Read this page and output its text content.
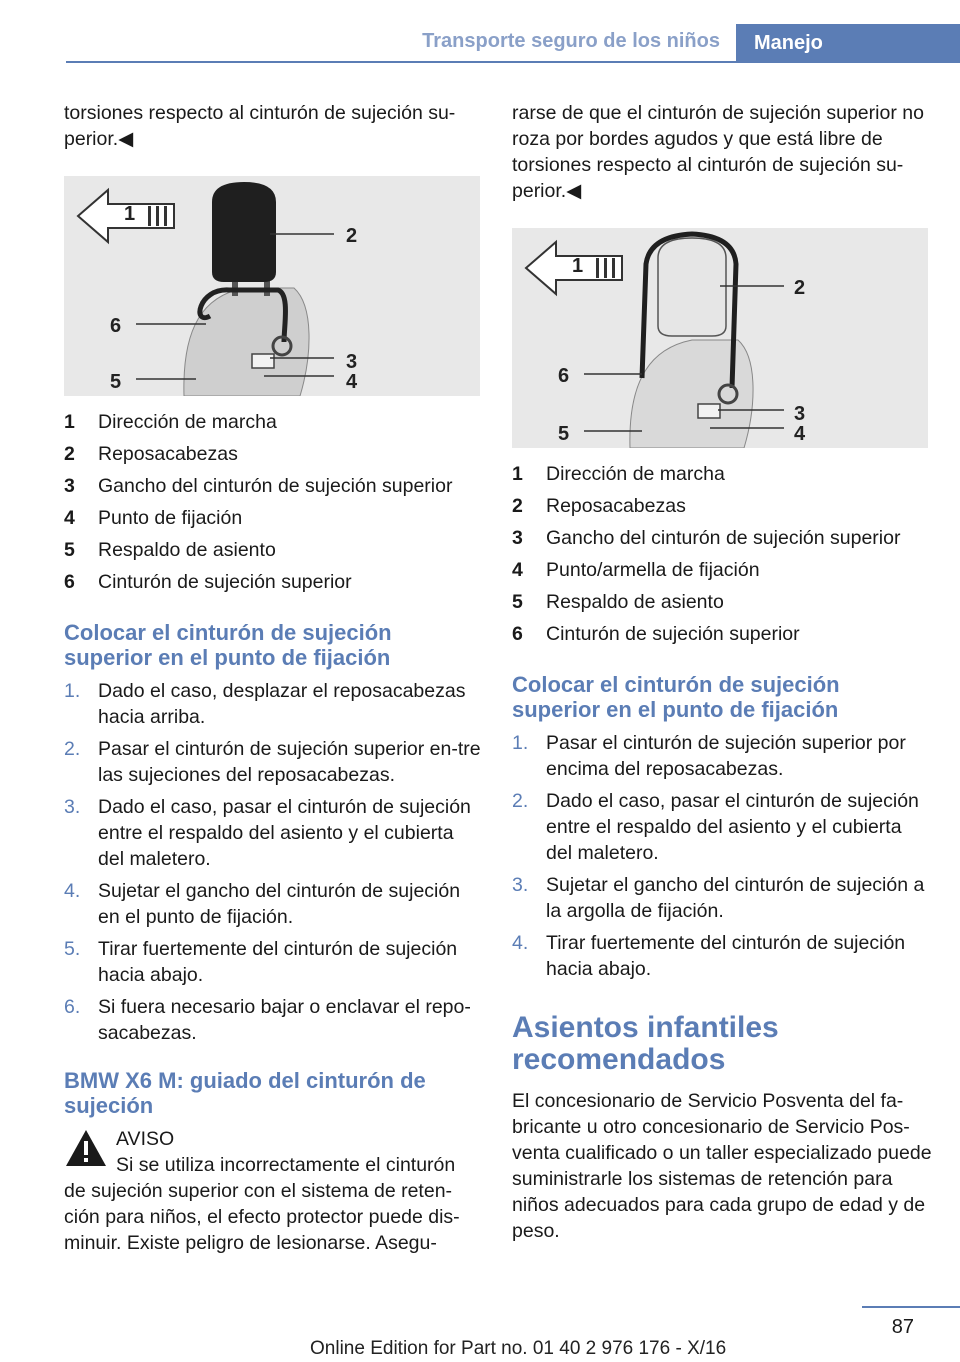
Transporte seguro de los niños	Manejo

torsiones respecto al cinturón de sujeción su‐perior.◀

1
2
3
4
5
6
1	Dirección de marcha
2	Reposacabezas
3	Gancho del cinturón de sujeción superior
4	Punto de fijación
5	Respaldo de asiento
6	Cinturón de sujeción superior
Colocar el cinturón de sujeción superior en el punto de fijación
1. Dado el caso, desplazar el reposacabezas hacia arriba.
2. Pasar el cinturón de sujeción superior en‐tre las sujeciones del reposacabezas.
3. Dado el caso, pasar el cinturón de sujeción entre el respaldo del asiento y el cubierta del maletero.
4. Sujetar el gancho del cinturón de sujeción en el punto de fijación.
5. Tirar fuertemente del cinturón de sujeción hacia abajo.
6. Si fuera necesario bajar o enclavar el repo‐sacabezas.
BMW X6 M: guiado del cinturón de sujeción
AVISO
Si se utiliza incorrectamente el cinturón
de sujeción superior con el sistema de reten‐ción para niños, el efecto protector puede dis‐minuir. Existe peligro de lesionarse. Asegu‐

rarse de que el cinturón de sujeción superior no roza por bordes agudos y que está libre de torsiones respecto al cinturón de sujeción su‐perior.◀

1
2
3
4
5
6
1	Dirección de marcha
2	Reposacabezas
3	Gancho del cinturón de sujeción superior
4	Punto/armella de fijación
5	Respaldo de asiento
6	Cinturón de sujeción superior
Colocar el cinturón de sujeción superior en el punto de fijación
1. Pasar el cinturón de sujeción superior por encima del reposacabezas.
2. Dado el caso, pasar el cinturón de sujeción entre el respaldo del asiento y el cubierta del maletero.
3. Sujetar el gancho del cinturón de sujeción a la argolla de fijación.
4. Tirar fuertemente del cinturón de sujeción hacia abajo.
Asientos infantiles recomendados

El concesionario de Servicio Posventa del fa‐bricante u otro concesionario de Servicio Pos‐venta cualificado o un taller especializado puede suministrarle los sistemas de retención para niños adecuados para cada grupo de edad y de peso.

87
Online Edition for Part no. 01 40 2 976 176 - X/16
